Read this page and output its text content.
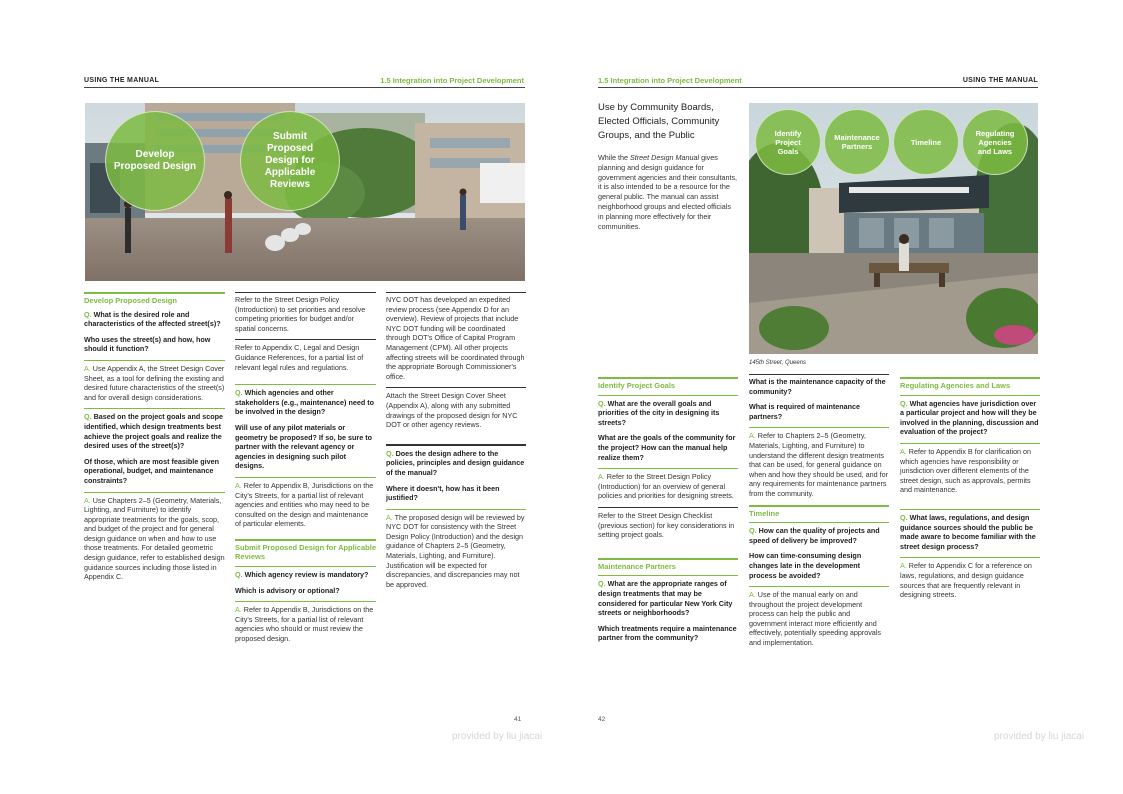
USING THE MANUAL	1.5 Integration into Project Development
Develop Proposed Design
Submit Proposed Design for Applicable Reviews
Develop Proposed Design
Q. What is the desired role and characteristics of the affected street(s)?
Who uses the street(s) and how, how should it function?
A. Use Appendix A, the Street Design Cover Sheet, as a tool for defining the existing and desired future characteristics of the street(s) and for overall design considerations.
Q. Based on the project goals and scope identified, which design treatments best achieve the project goals and realize the desired uses of the street(s)?
Of those, which are most feasible given operational, budget, and maintenance constraints?
A. Use Chapters 2–5 (Geometry, Materials, Lighting, and Furniture) to identify appropriate treatments for the goals, scop, and budget of the project and for general design guidance on when and how to use those treatments. For detailed geometric design guidance, refer to established design guidance sources including those listed in Appendix C.

Refer to the Street Design Policy (Introduction) to set priorities and resolve competing priorities for budget and/or spatial concerns.

Refer to Appendix C, Legal and Design Guidance References, for a partial list of relevant legal rules and regulations.

Q. Which agencies and other stakeholders (e.g., maintenance) need to be involved in the design?
Will use of any pilot materials or geometry be proposed? If so, be sure to partner with the relevant agency or agencies in designing such pilot designs.
A. Refer to Appendix B, Jurisdictions on the City's Streets, for a partial list of relevant agencies and entities who may need to be consulted on the design and maintenance of particular elements.
Submit Proposed Design for Applicable Reviews
Q. Which agency review is mandatory?
Which is advisory or optional?
A. Refer to Appendix B, Jurisdictions on the City's Streets, for a partial list of relevant agencies who should or must review the proposed design.

NYC DOT has developed an expedited review process (see Appendix D for an overview). Review of projects that include NYC DOT funding will be coordinated through DOT's Office of Capital Program Management (CPM). All other projects affecting streets will be coordinated through the appropriate Borough Commissioner's office.

Attach the Street Design Cover Sheet (Appendix A), along with any submitted drawings of the proposed design for NYC DOT or other agency reviews.

Q. Does the design adhere to the policies, principles and design guidance of the manual?
Where it doesn't, how has it been justified?
A. The proposed design will be reviewed by NYC DOT for consistency with the Street Design Policy (Introduction) and the design guidance of Chapters 2–5 (Geometry, Materials, Lighting, and Furniture). Justification will be expected for discrepancies, and discrepancies may not be approved.
41
provided by liu jiacai
1.5 Integration into Project Development	USING THE MANUAL
Use by Community Boards, Elected Officials, Community Groups, and the Public
While the Street Design Manual gives planning and design guidance for government agencies and their consultants, it is also intended to be a resource for the general public. The manual can assist neighborhood groups and elected officials in planning more effectively for their communities.
Identify Project Goals
Maintenance Partners	Timeline
Regulating Agencies and Laws
145th Street, Queens
Identify Project Goals
Q. What are the overall goals and priorities of the city in designing its streets?
What are the goals of the community for the project? How can the manual help realize them?
A. Refer to the Street Design Policy (Introduction) for an overview of general policies and priorities for designing streets.

Refer to the Street Design Checklist (previous section) for key considerations in setting project goals.

Maintenance Partners
Q. What are the appropriate ranges of design treatments that may be considered for particular New York City streets or neighborhoods?
Which treatments require a maintenance partner from the community?
What is the maintenance capacity of the community?
What is required of maintenance partners?
A. Refer to Chapters 2–5 (Geometry, Materials, Lighting, and Furniture) to understand the different design treatments that can be used, for general guidance on when and how they should be used, and for any requirements for maintenance partners from the community.
Timeline
Q. How can the quality of projects and speed of delivery be improved?
How can time-consuming design changes late in the development process be avoided?
A. Use of the manual early on and throughout the project development process can help the public and government interact more efficiently and effectively, potentially speeding approvals and implementation.
Regulating Agencies and Laws
Q. What agencies have jurisdiction over a particular project and how will they be involved in the planning, discussion and evaluation of the project?
A. Refer to Appendix B for clarification on which agencies have responsibility or jurisdiction over different elements of the street design, such as approvals, permits and maintenance.
Q. What laws, regulations, and design guidance sources should the public be made aware to become familiar with the street design process?
A. Refer to Appendix C for a reference on laws, regulations, and design guidance sources that are frequently relevant in designing streets.
42
provided by liu jiacai
